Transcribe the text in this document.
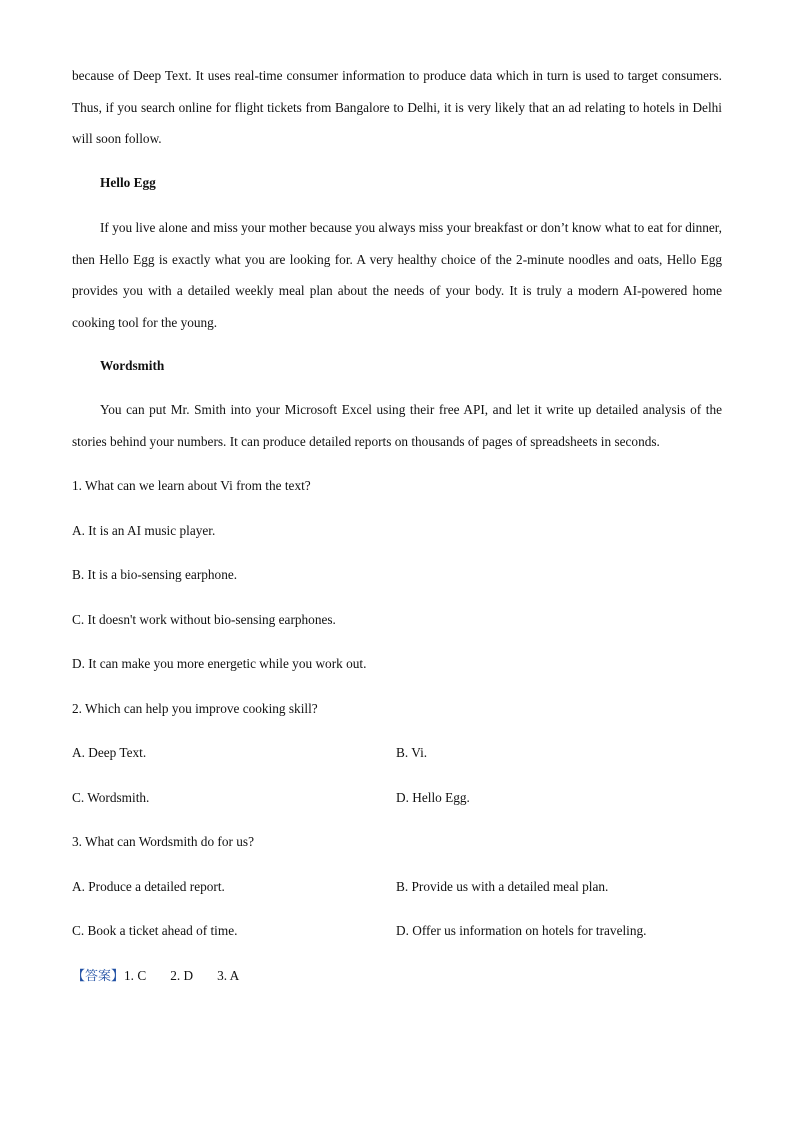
because of Deep Text. It uses real-time consumer information to produce data which in turn is used to target consumers. Thus, if you search online for flight tickets from Bangalore to Delhi, it is very likely that an ad relating to hotels in Delhi will soon follow.

Hello Egg

If you live alone and miss your mother because you always miss your breakfast or don’t know what to eat for dinner, then Hello Egg is exactly what you are looking for. A very healthy choice of the 2-minute noodles and oats, Hello Egg provides you with a detailed weekly meal plan about the needs of your body. It is truly a modern AI-powered home cooking tool for the young.

Wordsmith

You can put Mr. Smith into your Microsoft Excel using their free API, and let it write up detailed analysis of the stories behind your numbers. It can produce detailed reports on thousands of pages of spreadsheets in seconds.

1. What can we learn about Vi from the text?

A. It is an AI music player.

B. It is a bio-sensing earphone.

C. It doesn't work without bio-sensing earphones.

D. It can make you more energetic while you work out.

2. Which can help you improve cooking skill?

A. Deep Text.	B. Vi.

C. Wordsmith.	D. Hello Egg.

3. What can Wordsmith do for us?

A. Produce a detailed report.	B. Provide us with a detailed meal plan.

C. Book a ticket ahead of time.	D. Offer us information on hotels for traveling.

【答案】1. C 2. D 3. A
